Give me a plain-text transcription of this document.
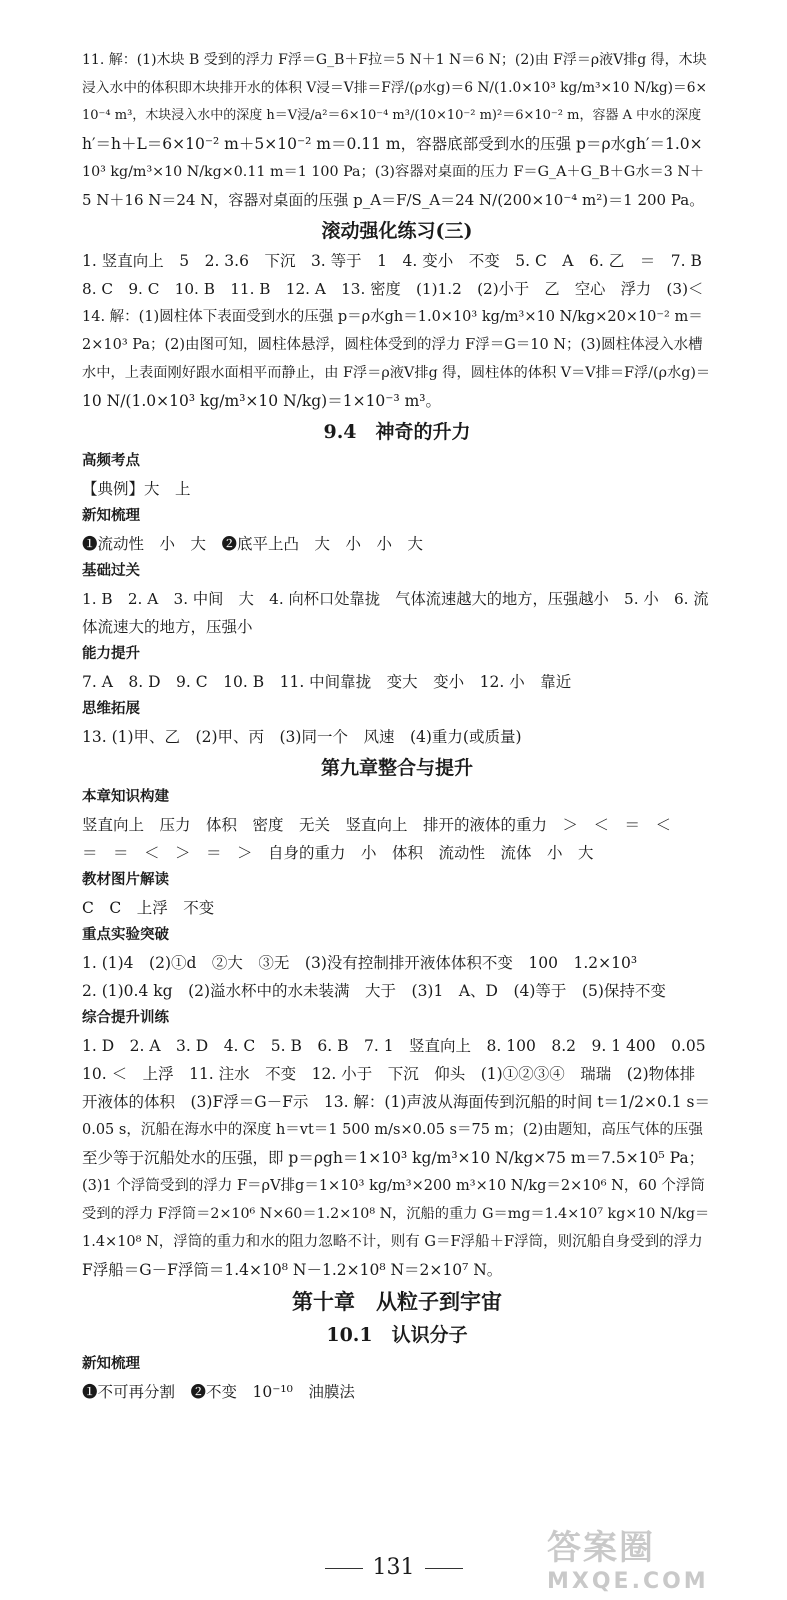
11. 解：(1)木块 B 受到的浮力 F浮＝G_B＋F拉＝5 N＋1 N＝6 N；(2)由 F浮＝ρ液V排g 得，木块
浸入水中的体积即木块排开水的体积 V浸＝V排＝F浮/(ρ水g)＝6 N/(1.0×10³ kg/m³×10 N/kg)＝6×
10⁻⁴ m³，木块浸入水中的深度 h＝V浸/a²＝6×10⁻⁴ m³/(10×10⁻² m)²＝6×10⁻² m，容器 A 中水的深度
h′＝h＋L＝6×10⁻² m＋5×10⁻² m＝0.11 m，容器底部受到水的压强 p＝ρ水gh′＝1.0×
10³ kg/m³×10 N/kg×0.11 m＝1 100 Pa；(3)容器对桌面的压力 F＝G_A＋G_B＋G水＝3 N＋
5 N＋16 N＝24 N，容器对桌面的压强 p_A＝F/S_A＝24 N/(200×10⁻⁴ m²)＝1 200 Pa。
滚动强化练习(三)
1. 竖直向上　5　2. 3.6　下沉　3. 等于　1　4. 变小　不变　5. C　A　6. 乙　＝　7. B
8. C　9. C　10. B　11. B　12. A　13. 密度　(1)1.2　(2)小于　乙　空心　浮力　(3)＜
14. 解：(1)圆柱体下表面受到水的压强 p＝ρ水gh＝1.0×10³ kg/m³×10 N/kg×20×10⁻² m＝
2×10³ Pa；(2)由图可知，圆柱体悬浮，圆柱体受到的浮力 F浮＝G＝10 N；(3)圆柱体浸入水槽
水中，上表面刚好跟水面相平而静止，由 F浮＝ρ液V排g 得，圆柱体的体积 V＝V排＝F浮/(ρ水g)＝
10 N/(1.0×10³ kg/m³×10 N/kg)＝1×10⁻³ m³。
9.4　神奇的升力
高频考点
【典例】大　上
新知梳理
❶流动性　小　大　❷底平上凸　大　小　小　大
基础过关
1. B　2. A　3. 中间　大　4. 向杯口处靠拢　气体流速越大的地方，压强越小　5. 小　6. 流
体流速大的地方，压强小
能力提升
7. A　8. D　9. C　10. B　11. 中间靠拢　变大　变小　12. 小　靠近
思维拓展
13. (1)甲、乙　(2)甲、丙　(3)同一个　风速　(4)重力(或质量)
第九章整合与提升
本章知识构建
竖直向上　压力　体积　密度　无关　竖直向上　排开的液体的重力　＞　＜　＝　＜
＝　＝　＜　＞　＝　＞　自身的重力　小　体积　流动性　流体　小　大
教材图片解读
C　C　上浮　不变
重点实验突破
1. (1)4　(2)①d　②大　③无　(3)没有控制排开液体体积不变　100　1.2×10³
2. (1)0.4 kg　(2)溢水杯中的水未装满　大于　(3)1　A、D　(4)等于　(5)保持不变
综合提升训练
1. D　2. A　3. D　4. C　5. B　6. B　7. 1　竖直向上　8. 100　8.2　9. 1 400　0.05
10. ＜　上浮　11. 注水　不变　12. 小于　下沉　仰头　(1)①②③④　瑞瑞　(2)物体排
开液体的体积　(3)F浮＝G－F示　13. 解：(1)声波从海面传到沉船的时间 t＝1/2×0.1 s＝
0.05 s，沉船在海水中的深度 h＝vt＝1 500 m/s×0.05 s＝75 m；(2)由题知，高压气体的压强
至少等于沉船处水的压强，即 p＝ρgh＝1×10³ kg/m³×10 N/kg×75 m＝7.5×10⁵ Pa；
(3)1 个浮筒受到的浮力 F＝ρV排g＝1×10³ kg/m³×200 m³×10 N/kg＝2×10⁶ N，60 个浮筒
受到的浮力 F浮筒＝2×10⁶ N×60＝1.2×10⁸ N，沉船的重力 G＝mg＝1.4×10⁷ kg×10 N/kg＝
1.4×10⁸ N，浮筒的重力和水的阻力忽略不计，则有 G＝F浮船＋F浮筒，则沉船自身受到的浮力
F浮船＝G－F浮筒＝1.4×10⁸ N－1.2×10⁸ N＝2×10⁷ N。
第十章　从粒子到宇宙
10.1　认识分子
新知梳理
❶不可再分割　❷不变　10⁻¹⁰　油膜法
131	答案圈
MXQE.COM
